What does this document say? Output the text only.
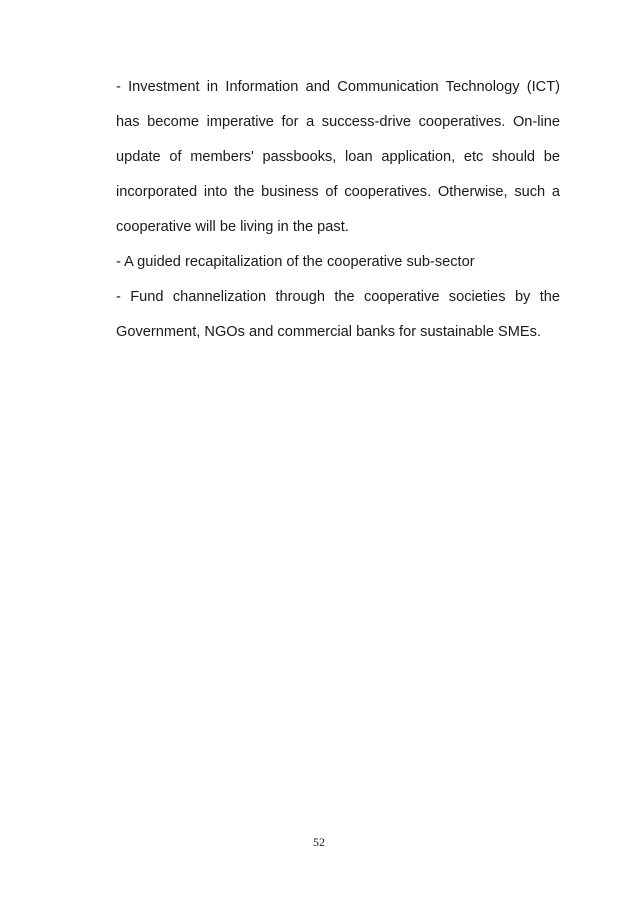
- Investment in Information and Communication Technology (ICT) has become imperative for a success-drive cooperatives. On-line update of members' passbooks, loan application, etc should be incorporated into the business of cooperatives. Otherwise, such a cooperative will be living in the past.

- A guided recapitalization of the cooperative sub-sector

- Fund channelization through the cooperative societies by the Government, NGOs and commercial banks for sustainable SMEs.

52
